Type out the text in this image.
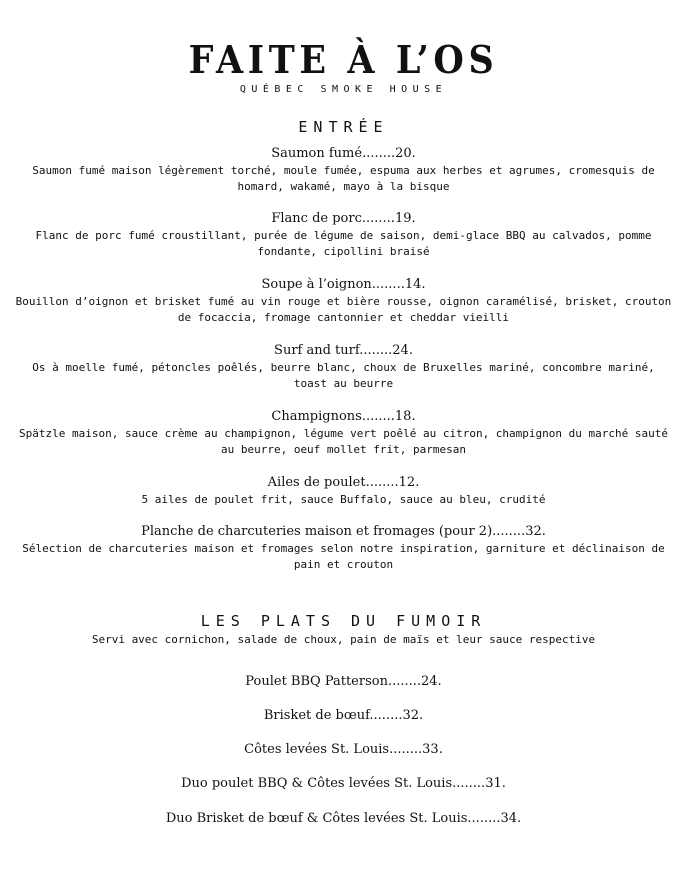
FAITE À L’OS
QUÉBEC SMOKE HOUSE
ENTRÉE
Saumon fumé........20.
Saumon fumé maison légèrement torché, moule fumée, espuma aux herbes et agrumes, cromesquis de homard, wakamé, mayo à la bisque
Flanc de porc........19.
Flanc de porc fumé croustillant, purée de légume de saison, demi-glace BBQ au calvados, pomme fondante, cipollini braisé
Soupe à l’oignon........14.
Bouillon d’oignon et brisket fumé au vin rouge et bière rousse, oignon caramélisé, brisket, crouton de focaccia, fromage cantonnier et cheddar vieilli
Surf and turf........24.
Os à moelle fumé, pétoncles poêlés, beurre blanc, choux de Bruxelles mariné, concombre mariné, toast au beurre
Champignons........18.
Spätzle maison, sauce crème au champignon, légume vert poêlé au citron, champignon du marché sauté au beurre, oeuf mollet frit, parmesan
Ailes de poulet........12.
5 ailes de poulet frit, sauce Buffalo, sauce au bleu, crudité
Planche de charcuteries maison et fromages (pour 2)........32.
Sélection de charcuteries maison et fromages selon notre inspiration, garniture et déclinaison de pain et crouton
LES PLATS DU FUMOIR
Servi avec cornichon, salade de choux, pain de maïs et leur sauce respective
Poulet BBQ Patterson........24.
Brisket de bœuf........32.
Côtes levées St. Louis........33.
Duo poulet BBQ & Côtes levées St. Louis........31.
Duo Brisket de bœuf & Côtes levées St. Louis........34.
